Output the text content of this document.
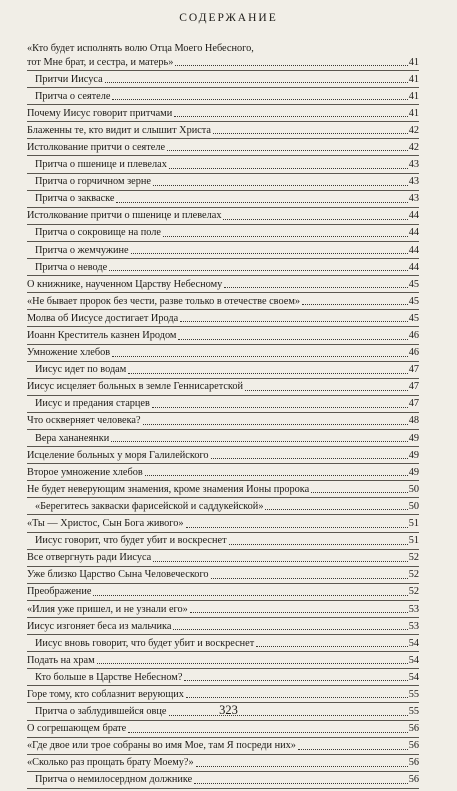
СОДЕРЖАНИЕ
«Кто будет исполнять волю Отца Моего Небесного,
тот Мне брат, и сестра, и матерь»	41
Притчи Иисуса	41
Притча о сеятеле	41
Почему Иисус говорит притчами	41
Блаженны те, кто видит и слышит Христа	42
Истолкование притчи о сеятеле	42
Притча о пшенице и плевелах	43
Притча о горчичном зерне	43
Притча о закваске	43
Истолкование притчи о пшенице и плевелах	44
Притча о сокровище на поле	44
Притча о жемчужине	44
Притча о неводе	44
О книжнике, наученном Царству Небесному	45
«Не бывает пророк без чести, разве только в отечестве своем»	45
Молва об Иисусе достигает Ирода	45
Иоанн Креститель казнен Иродом	46
Умножение хлебов	46
Иисус идет по водам	47
Иисус исцеляет больных в земле Геннисаретской	47
Иисус и предания старцев	47
Что оскверняет человека?	48
Вера хананеянки	49
Исцеление больных у моря Галилейского	49
Второе умножение хлебов	49
Не будет неверующим знамения, кроме знамения Ионы пророка	50
«Берегитесь закваски фарисейской и саддукейской»	50
«Ты — Христос, Сын Бога живого»	51
Иисус говорит, что будет убит и воскреснет	51
Все отвергнуть ради Иисуса	52
Уже близко Царство Сына Человеческого	52
Преображение	52
«Илия уже пришел, и не узнали его»	53
Иисус изгоняет беса из мальчика	53
Иисус вновь говорит, что будет убит и воскреснет	54
Подать на храм	54
Кто больше в Царстве Небесном?	54
Горе тому, кто соблазнит верующих	55
Притча о заблудившейся овце	55
О согрешающем брате	56
«Где двое или трое собраны во имя Мое, там Я посреди них»	56
«Сколько раз прощать брату Моему?»	56
Притча о немилосердном должнике	56
323
